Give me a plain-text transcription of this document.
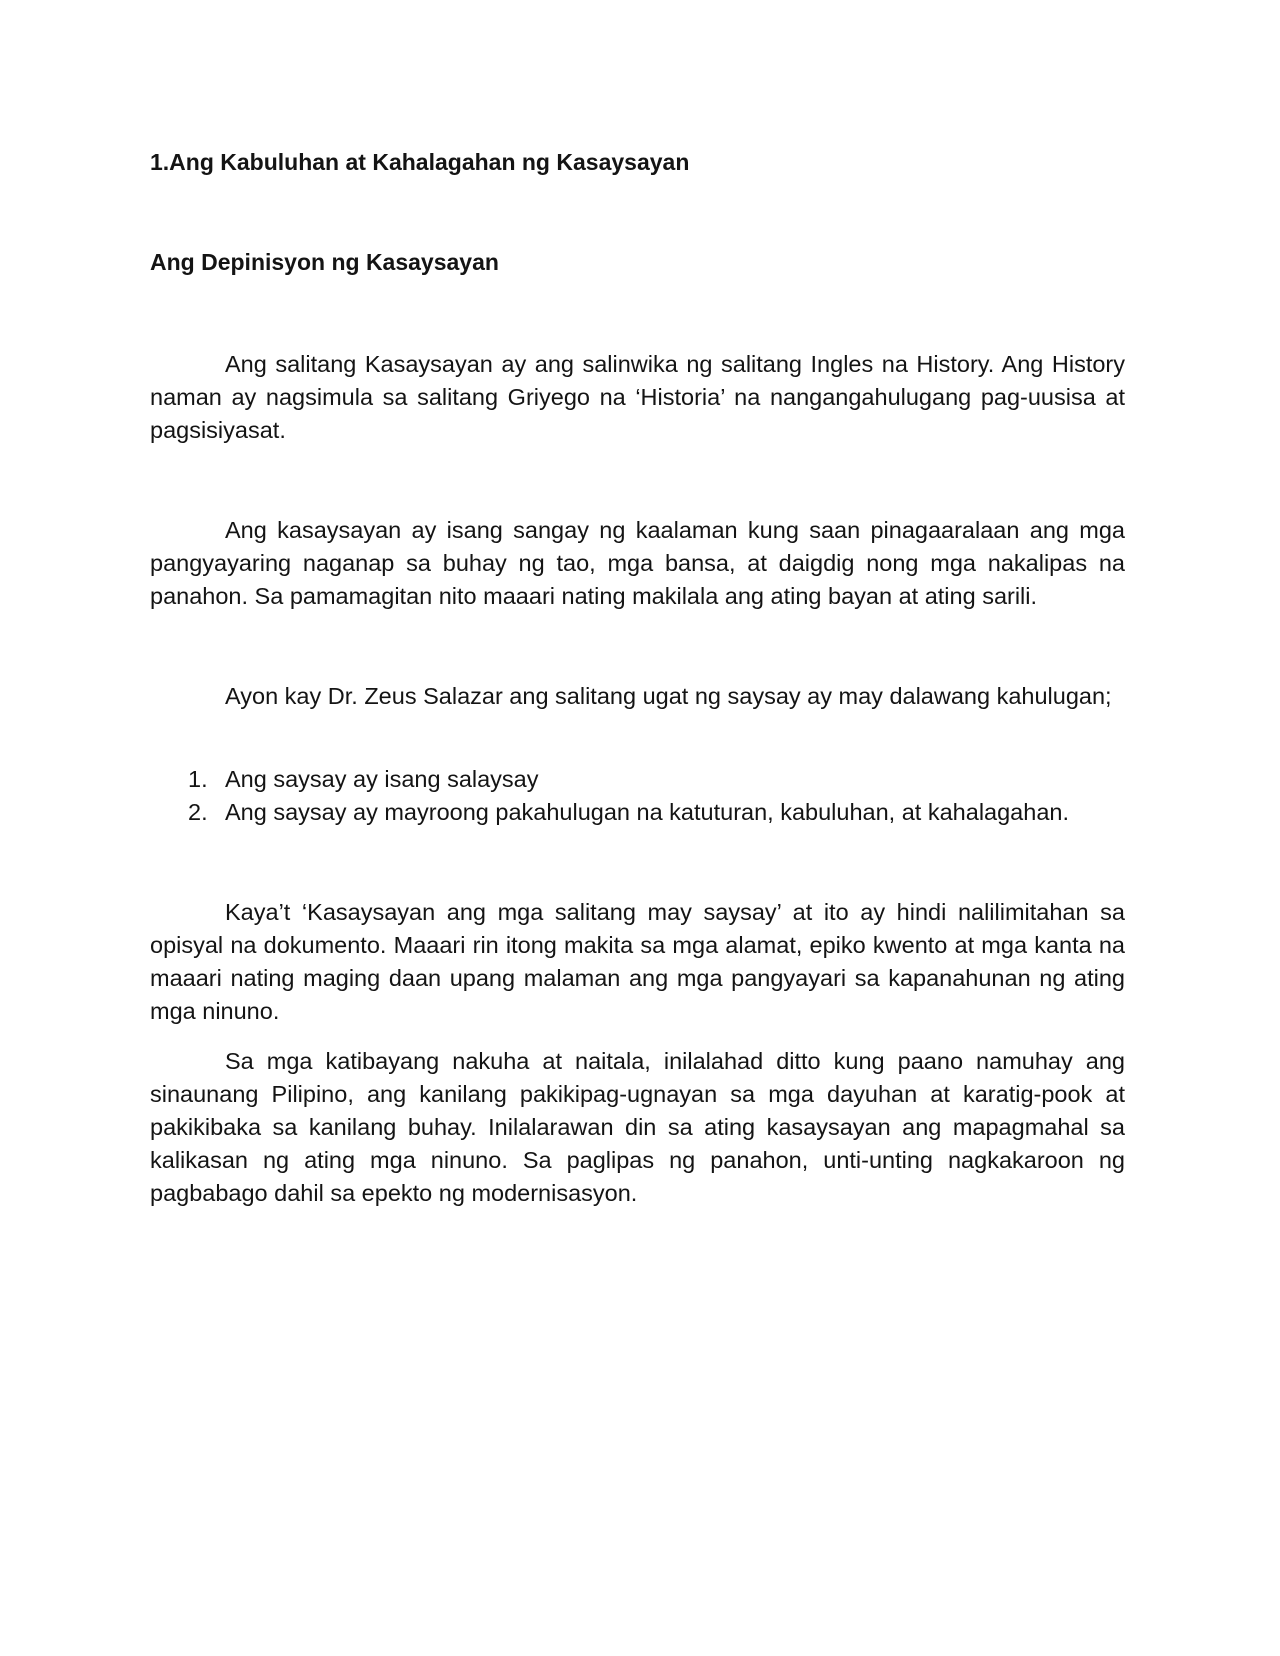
1.Ang Kabuluhan at Kahalagahan ng Kasaysayan
Ang Depinisyon ng Kasaysayan

Ang salitang Kasaysayan ay ang salinwika ng salitang Ingles na History. Ang History naman ay nagsimula sa salitang Griyego na ‘Historia’ na nangangahulugang pag-uusisa at pagsisiyasat.

Ang kasaysayan ay isang sangay ng kaalaman kung saan pinagaaralaan ang mga pangyayaring naganap sa buhay ng tao, mga bansa, at daigdig nong mga nakalipas na panahon. Sa pamamagitan nito maaari nating makilala ang ating bayan at ating sarili.

Ayon kay Dr. Zeus Salazar ang salitang ugat ng saysay ay may dalawang kahulugan;

1. Ang saysay ay isang salaysay
2. Ang saysay ay mayroong pakahulugan na katuturan, kabuluhan, at kahalagahan.

Kaya’t ‘Kasaysayan ang mga salitang may saysay’ at ito ay hindi nalilimitahan sa opisyal na dokumento. Maaari rin itong makita sa mga alamat, epiko kwento at mga kanta na maaari nating maging daan upang malaman ang mga pangyayari sa kapanahunan ng ating mga ninuno.

Sa mga katibayang nakuha at naitala, inilalahad ditto kung paano namuhay ang sinaunang Pilipino, ang kanilang pakikipag-ugnayan sa mga dayuhan at karatig-pook at pakikibaka sa kanilang buhay. Inilalarawan din sa ating kasaysayan ang mapagmahal sa kalikasan ng ating mga ninuno. Sa paglipas ng panahon, unti-unting nagkakaroon ng pagbabago dahil sa epekto ng modernisasyon.
